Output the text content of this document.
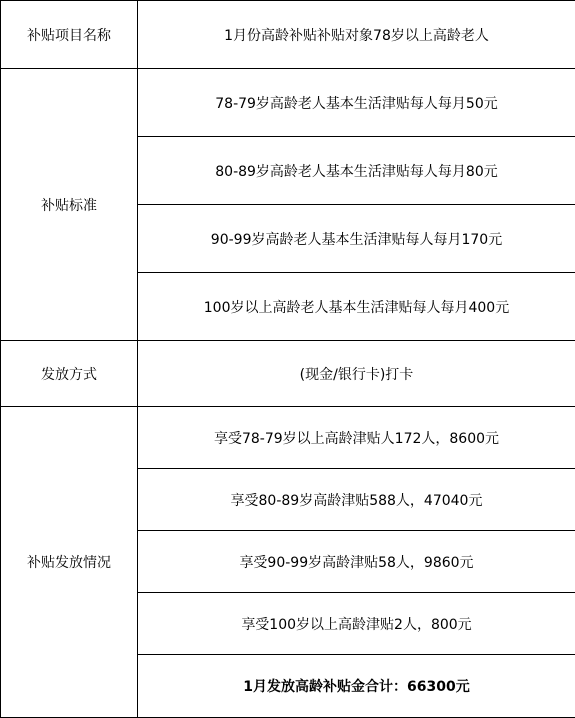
补贴项目名称	1月份高龄补贴补贴对象78岁以上高龄老人
补贴标准	78-79岁高龄老人基本生活津贴每人每月50元
	80-89岁高龄老人基本生活津贴每人每月80元
	90-99岁高龄老人基本生活津贴每人每月170元
	100岁以上高龄老人基本生活津贴每人每月400元
发放方式	(现金/银行卡)打卡
补贴发放情况	享受78-79岁以上高龄津贴人172人，8600元
	享受80-89岁高龄津贴588人，47040元
	享受90-99岁高龄津贴58人，9860元
	享受100岁以上高龄津贴2人，800元
	1月发放高龄补贴金合计：66300元
